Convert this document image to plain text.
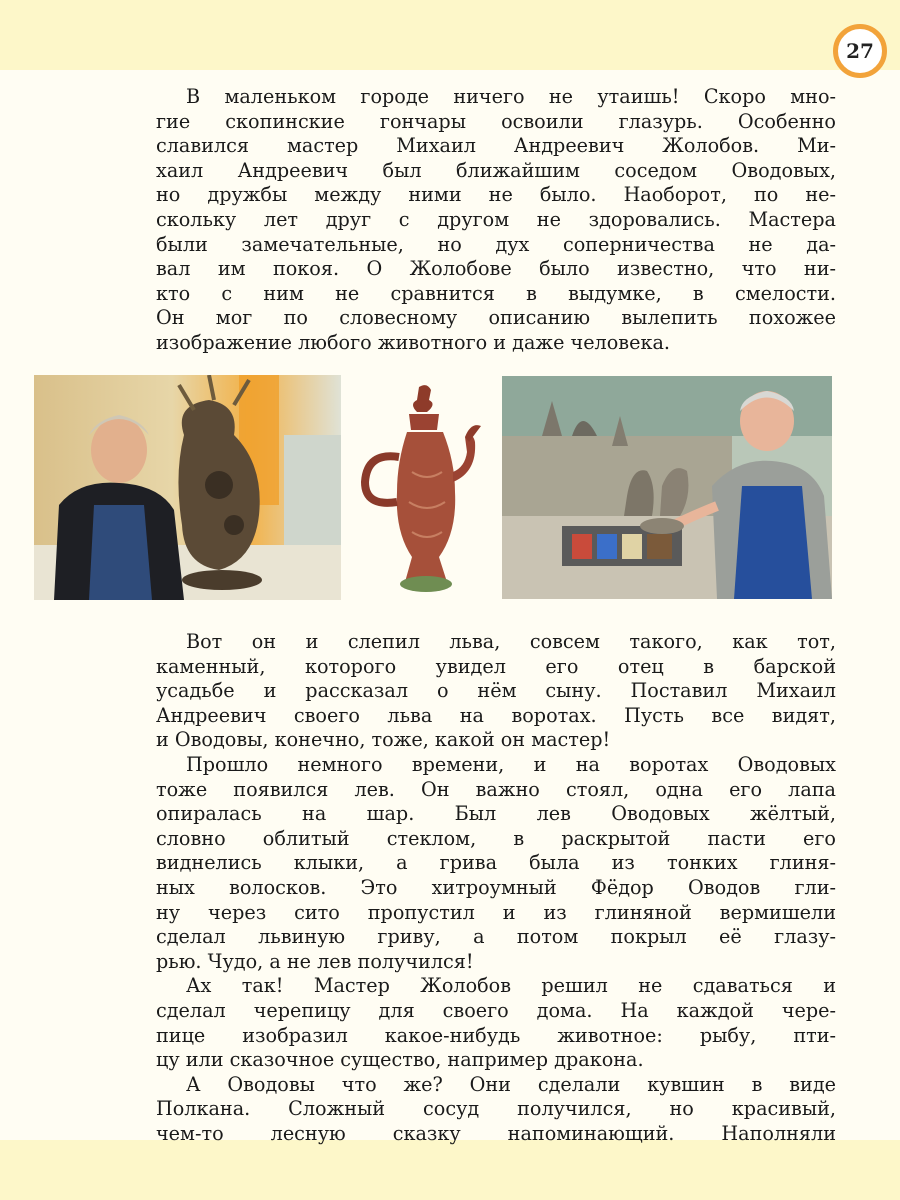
27
В маленьком городе ничего не утаишь! Скоро мно-
гие скопинские гончары освоили глазурь. Особенно
славился мастер Михаил Андреевич Жолобов. Ми-
хаил Андреевич был ближайшим соседом Оводовых,
но дружбы между ними не было. Наоборот, по не-
скольку лет друг с другом не здоровались. Мастера
были замечательные, но дух соперничества не да-
вал им покоя. О Жолобове было известно, что ни-
кто с ним не сравнится в выдумке, в смелости.
Он мог по словесному описанию вылепить похожее
изображение любого животного и даже человека.
Вот он и слепил льва, совсем такого, как тот,
каменный, которого увидел его отец в барской
усадьбе и рассказал о нём сыну. Поставил Михаил
Андреевич своего льва на воротах. Пусть все видят,
и Оводовы, конечно, тоже, какой он мастер!
Прошло немного времени, и на воротах Оводовых
тоже появился лев. Он важно стоял, одна его лапа
опиралась на шар. Был лев Оводовых жёлтый,
словно облитый стеклом, в раскрытой пасти его
виднелись клыки, а грива была из тонких глиня-
ных волосков. Это хитроумный Фёдор Оводов гли-
ну через сито пропустил и из глиняной вермишели
сделал львиную гриву, а потом покрыл её глазу-
рью. Чудо, а не лев получился!
Ах так! Мастер Жолобов решил не сдаваться и
сделал черепицу для своего дома. На каждой чере-
пице изобразил какое-нибудь животное: рыбу, пти-
цу или сказочное существо, например дракона.
А Оводовы что же? Они сделали кувшин в виде
Полкана. Сложный сосуд получился, но красивый,
чем-то лесную сказку напоминающий. Наполняли
